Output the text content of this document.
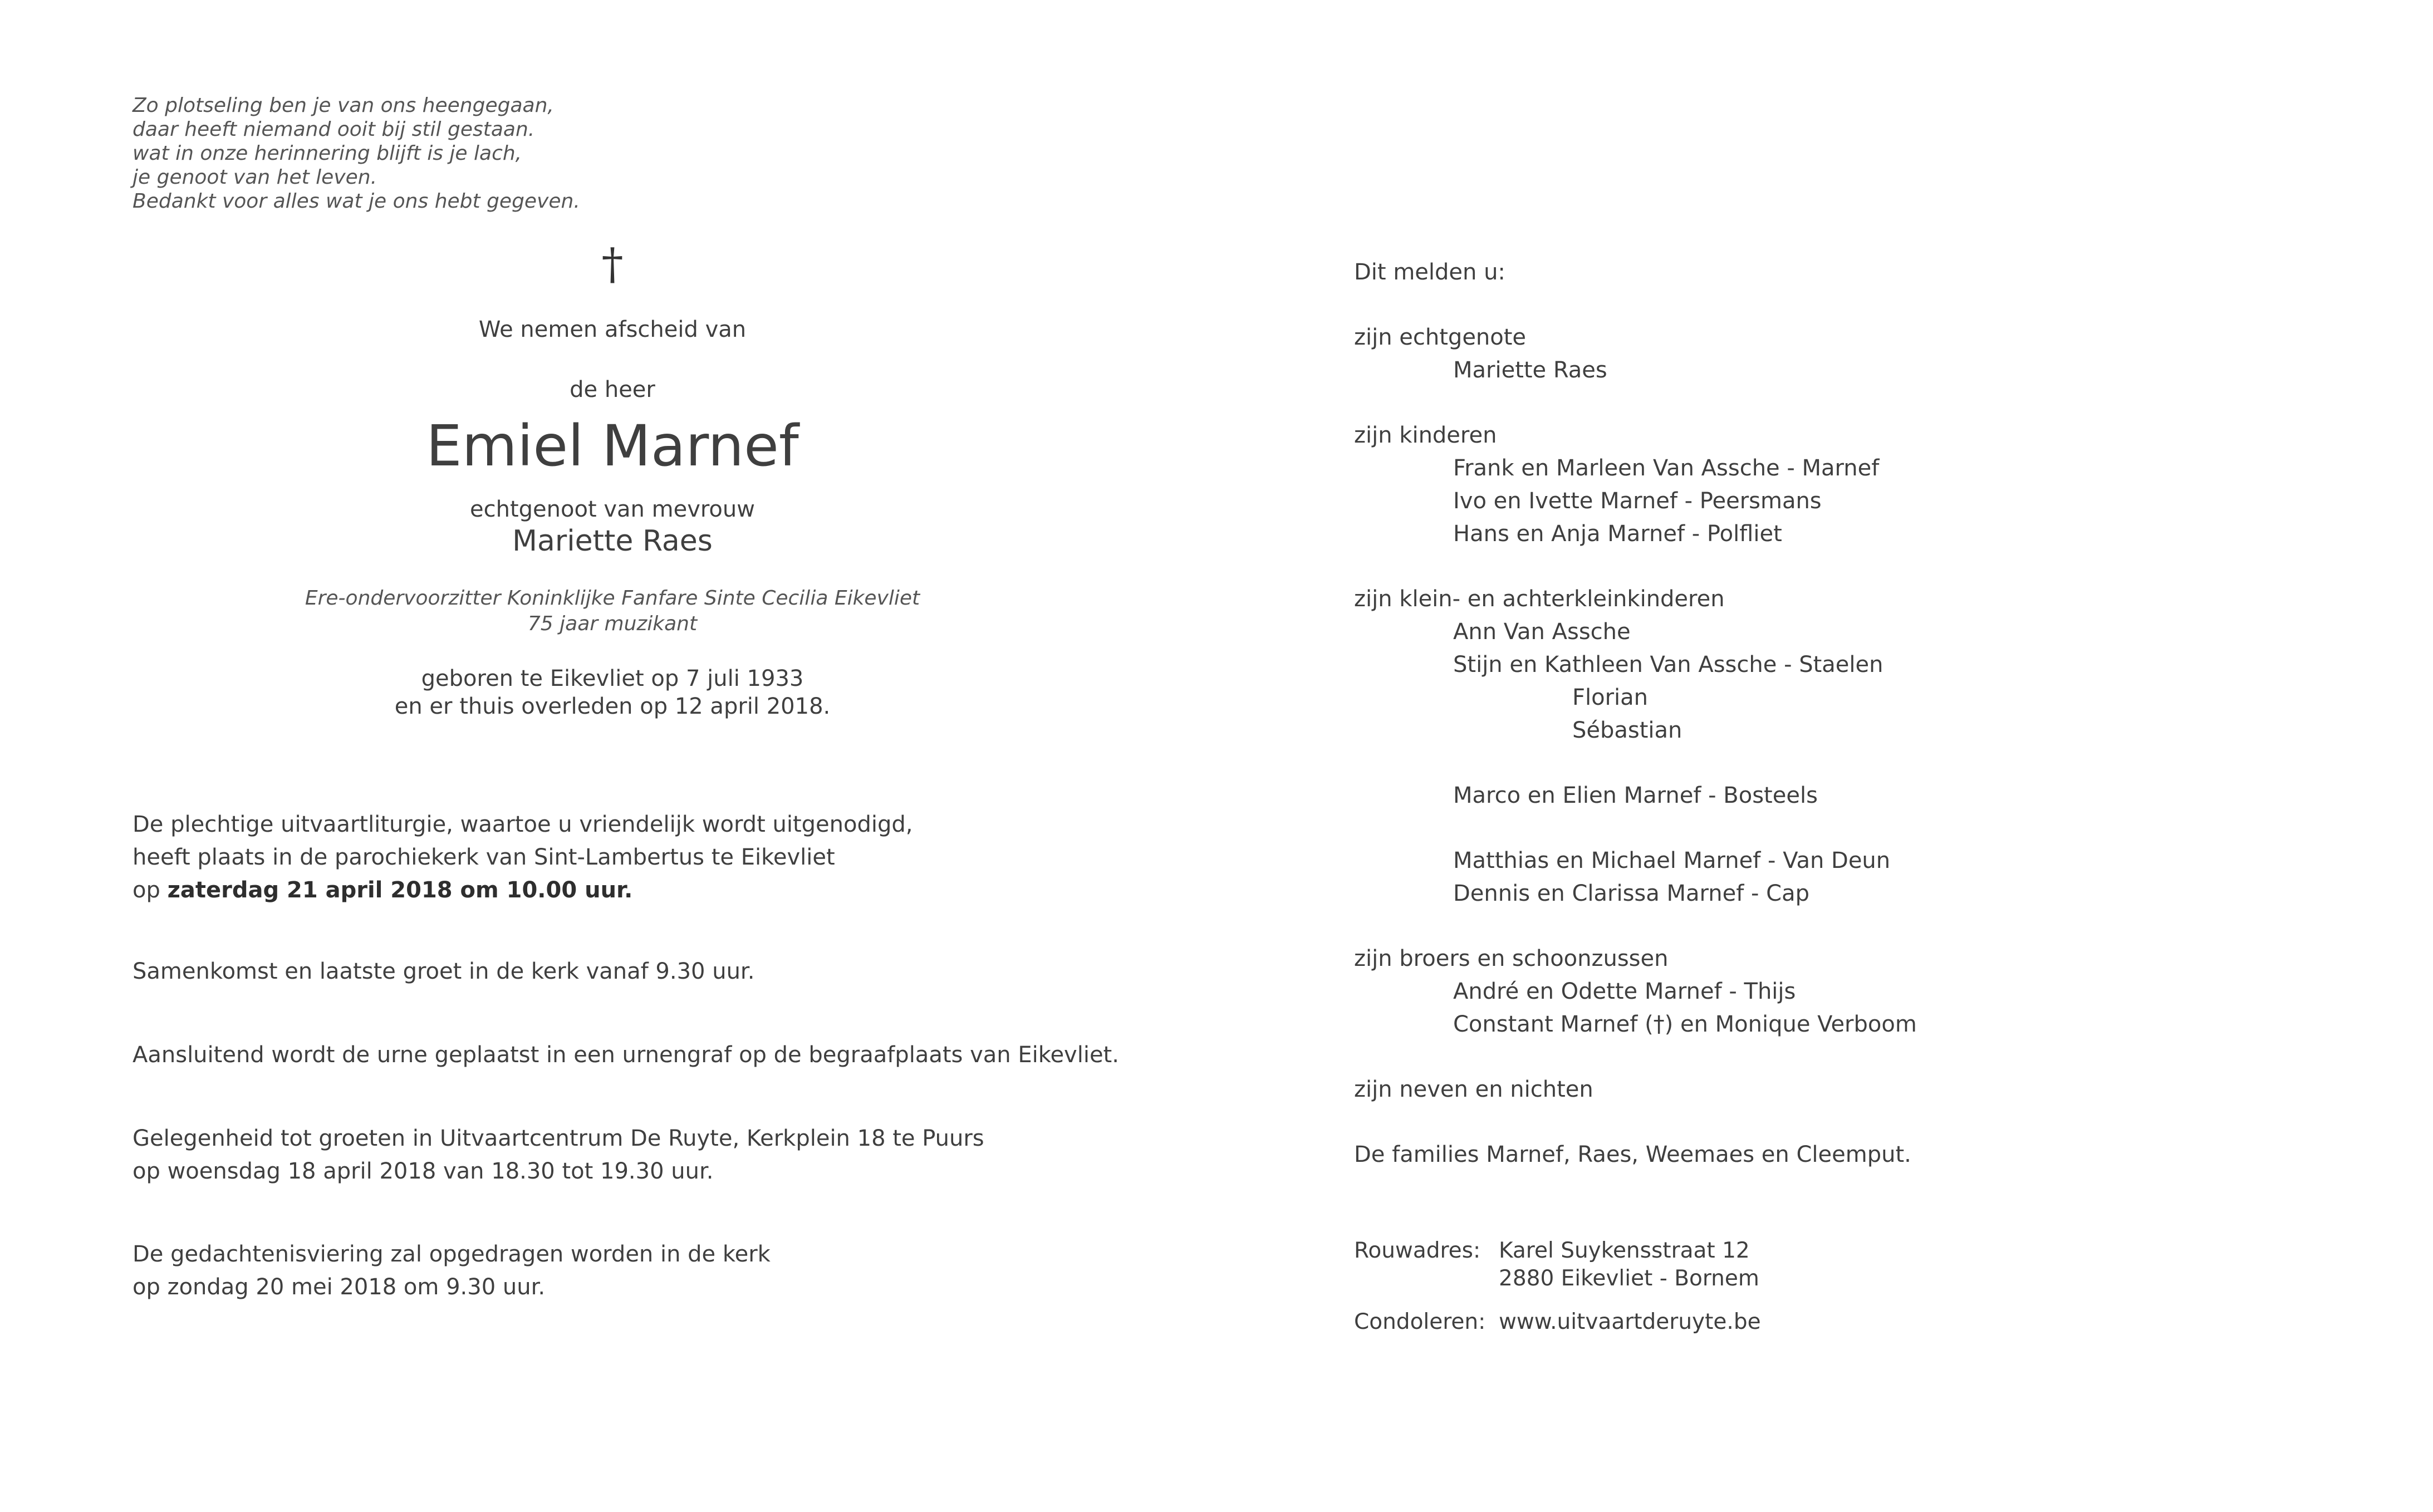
Zo plotseling ben je van ons heengegaan,
daar heeft niemand ooit bij stil gestaan.
wat in onze herinnering blijft is je lach,
je genoot van het leven.
Bedankt voor alles wat je ons hebt gegeven.
†
We nemen afscheid van
de heer
Emiel Marnef
echtgenoot van mevrouw
Mariette Raes
Ere-ondervoorzitter Koninklijke Fanfare Sinte Cecilia Eikevliet
75 jaar muzikant
geboren te Eikevliet op 7 juli 1933
en er thuis overleden op 12 april 2018.
De plechtige uitvaartliturgie, waartoe u vriendelijk wordt uitgenodigd,
heeft plaats in de parochiekerk van Sint-Lambertus te Eikevliet
op zaterdag 21 april 2018 om 10.00 uur.
Samenkomst en laatste groet in de kerk vanaf 9.30 uur.
Aansluitend wordt de urne geplaatst in een urnengraf op de begraafplaats van Eikevliet.
Gelegenheid tot groeten in Uitvaartcentrum De Ruyte, Kerkplein 18 te Puurs
op woensdag 18 april 2018 van 18.30 tot 19.30 uur.
De gedachtenisviering zal opgedragen worden in de kerk
op zondag 20 mei 2018 om 9.30 uur.
Dit melden u:
zijn echtgenote
Mariette Raes
zijn kinderen
Frank en Marleen Van Assche - Marnef
Ivo en Ivette Marnef - Peersmans
Hans en Anja Marnef - Polfliet
zijn klein- en achterkleinkinderen
Ann Van Assche
Stijn en Kathleen Van Assche - Staelen
Florian
Sébastian
Marco en Elien Marnef - Bosteels
Matthias en Michael Marnef - Van Deun
Dennis en Clarissa Marnef - Cap
zijn broers en schoonzussen
André en Odette Marnef - Thijs
Constant Marnef (†) en Monique Verboom
zijn neven en nichten
De families Marnef, Raes, Weemaes en Cleemput.
Rouwadres: Karel Suykensstraat 12
2880 Eikevliet - Bornem
Condoleren: www.uitvaartderuyte.be
